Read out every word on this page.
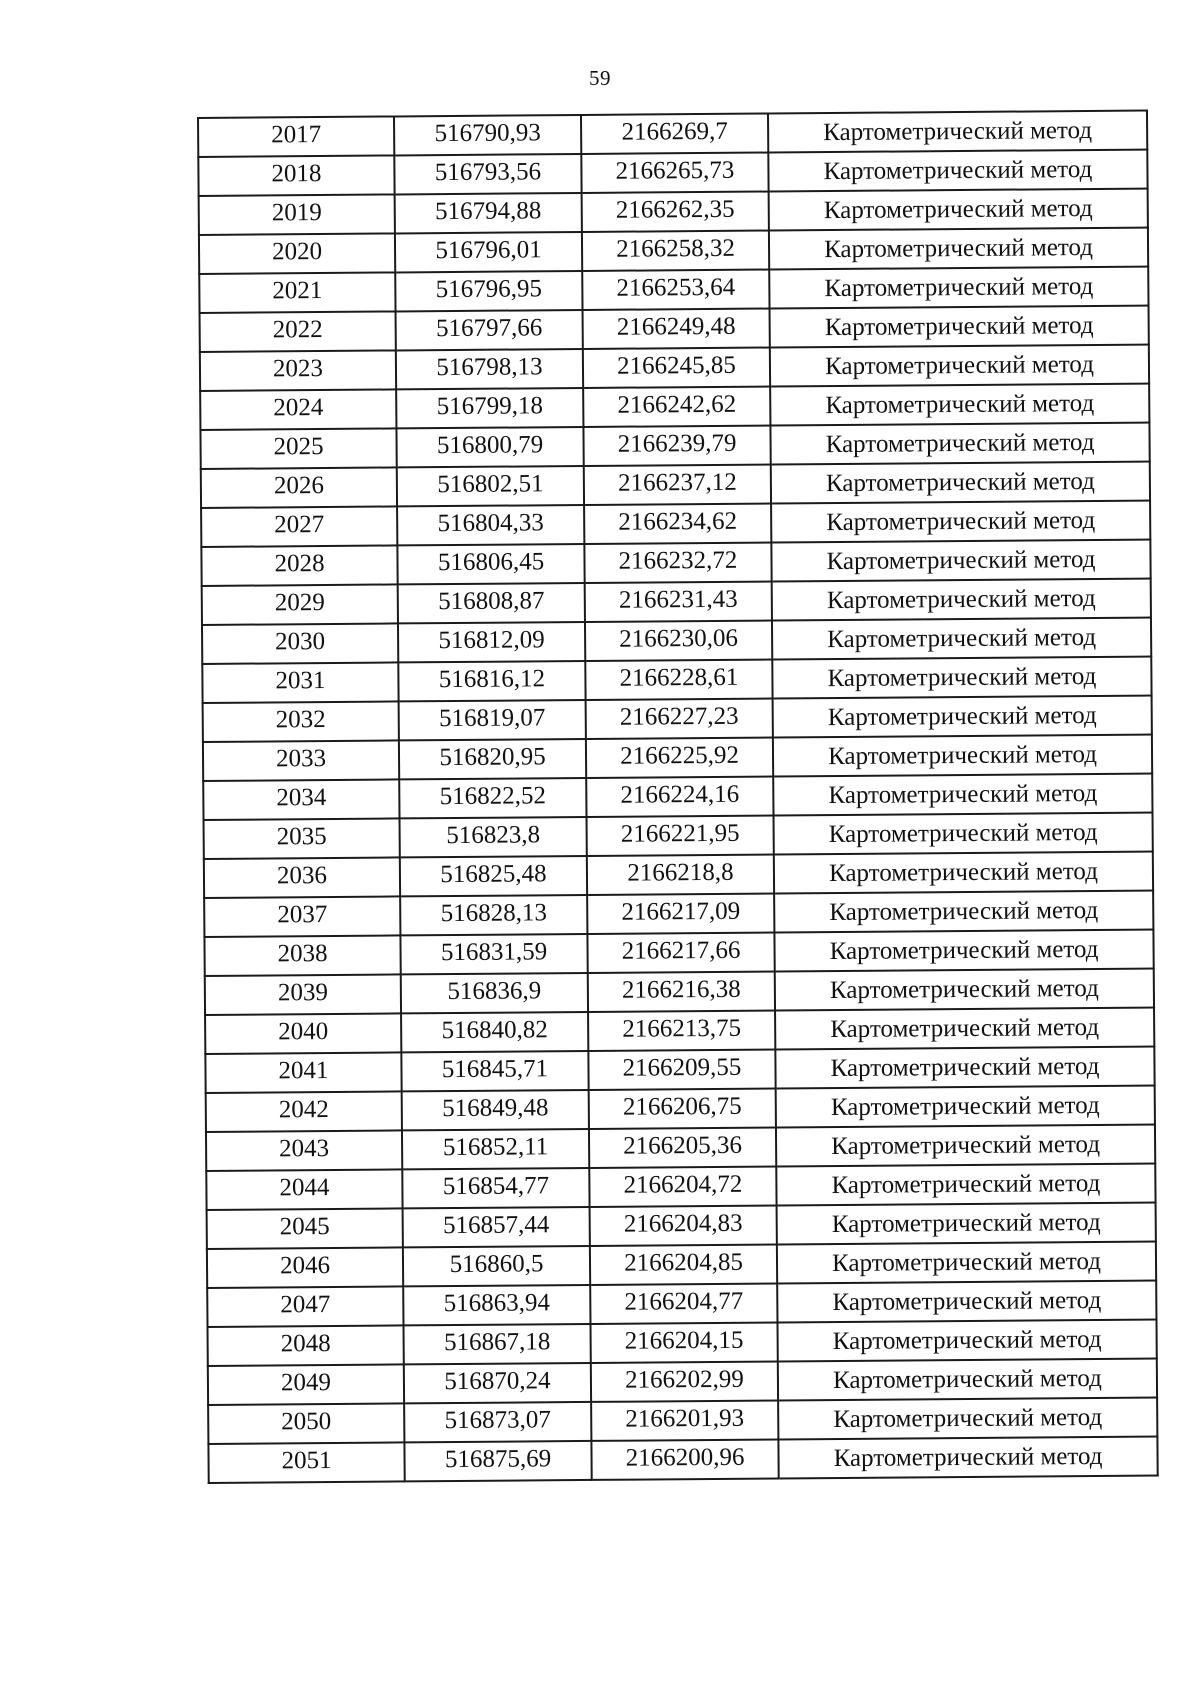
59
2017	516790,93	2166269,7	Картометрический метод
2018	516793,56	2166265,73	Картометрический метод
2019	516794,88	2166262,35	Картометрический метод
2020	516796,01	2166258,32	Картометрический метод
2021	516796,95	2166253,64	Картометрический метод
2022	516797,66	2166249,48	Картометрический метод
2023	516798,13	2166245,85	Картометрический метод
2024	516799,18	2166242,62	Картометрический метод
2025	516800,79	2166239,79	Картометрический метод
2026	516802,51	2166237,12	Картометрический метод
2027	516804,33	2166234,62	Картометрический метод
2028	516806,45	2166232,72	Картометрический метод
2029	516808,87	2166231,43	Картометрический метод
2030	516812,09	2166230,06	Картометрический метод
2031	516816,12	2166228,61	Картометрический метод
2032	516819,07	2166227,23	Картометрический метод
2033	516820,95	2166225,92	Картометрический метод
2034	516822,52	2166224,16	Картометрический метод
2035	516823,8	2166221,95	Картометрический метод
2036	516825,48	2166218,8	Картометрический метод
2037	516828,13	2166217,09	Картометрический метод
2038	516831,59	2166217,66	Картометрический метод
2039	516836,9	2166216,38	Картометрический метод
2040	516840,82	2166213,75	Картометрический метод
2041	516845,71	2166209,55	Картометрический метод
2042	516849,48	2166206,75	Картометрический метод
2043	516852,11	2166205,36	Картометрический метод
2044	516854,77	2166204,72	Картометрический метод
2045	516857,44	2166204,83	Картометрический метод
2046	516860,5	2166204,85	Картометрический метод
2047	516863,94	2166204,77	Картометрический метод
2048	516867,18	2166204,15	Картометрический метод
2049	516870,24	2166202,99	Картометрический метод
2050	516873,07	2166201,93	Картометрический метод
2051	516875,69	2166200,96	Картометрический метод
